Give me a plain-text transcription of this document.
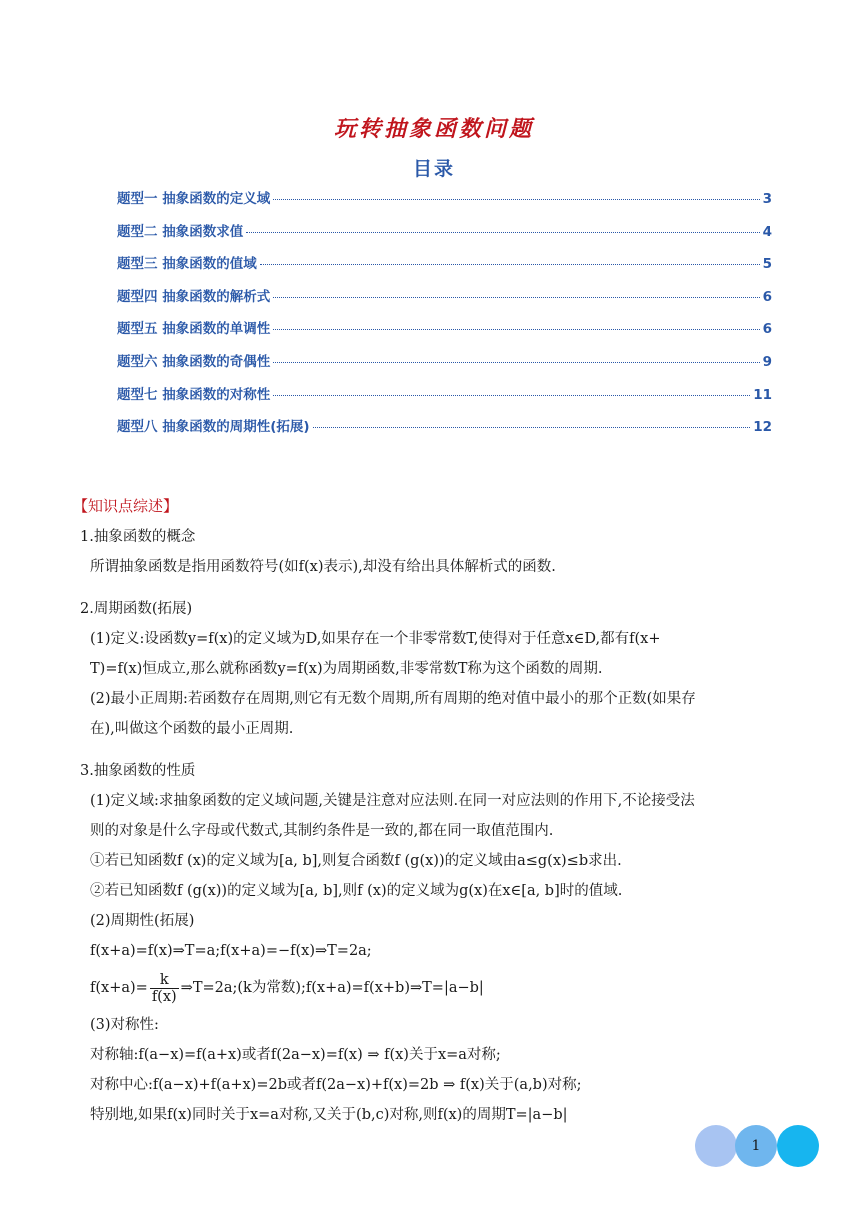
玩转抽象函数问题
目录
题型一 抽象函数的定义域	3
题型二 抽象函数求值	4
题型三 抽象函数的值域	5
题型四 抽象函数的解析式	6
题型五 抽象函数的单调性	6
题型六 抽象函数的奇偶性	9
题型七 抽象函数的对称性	11
题型八 抽象函数的周期性(拓展)	12
【知识点综述】
1.抽象函数的概念
所谓抽象函数是指用函数符号(如f(x)表示),却没有给出具体解析式的函数.
2.周期函数(拓展)
(1)定义:设函数y=f(x)的定义域为D,如果存在一个非零常数T,使得对于任意x∈D,都有f(x+
T)=f(x)恒成立,那么就称函数y=f(x)为周期函数,非零常数T称为这个函数的周期.
(2)最小正周期:若函数存在周期,则它有无数个周期,所有周期的绝对值中最小的那个正数(如果存
在),叫做这个函数的最小正周期.
3.抽象函数的性质
(1)定义域:求抽象函数的定义域问题,关键是注意对应法则.在同一对应法则的作用下,不论接受法
则的对象是什么字母或代数式,其制约条件是一致的,都在同一取值范围内.
①若已知函数f (x)的定义域为[a, b],则复合函数f (g(x))的定义域由a≤g(x)≤b求出.
②若已知函数f (g(x))的定义域为[a, b],则f (x)的定义域为g(x)在x∈[a, b]时的值域.
(2)周期性(拓展)
f(x+a)=f(x)⇒T=a;f(x+a)=−f(x)⇒T=2a;
$f(x+a)= \frac{k}{f(x)}$ ⇒T=2a;(k为常数);f(x+a)=f(x+b)⇒T=|a−b|
(3)对称性:
对称轴:f(a−x)=f(a+x)或者f(2a−x)=f(x) ⇒ f(x)关于x=a对称;
对称中心:f(a−x)+f(a+x)=2b或者f(2a−x)+f(x)=2b ⇒ f(x)关于(a,b)对称;
特别地,如果f(x)同时关于x=a对称,又关于(b,c)对称,则f(x)的周期T=|a−b|
1
